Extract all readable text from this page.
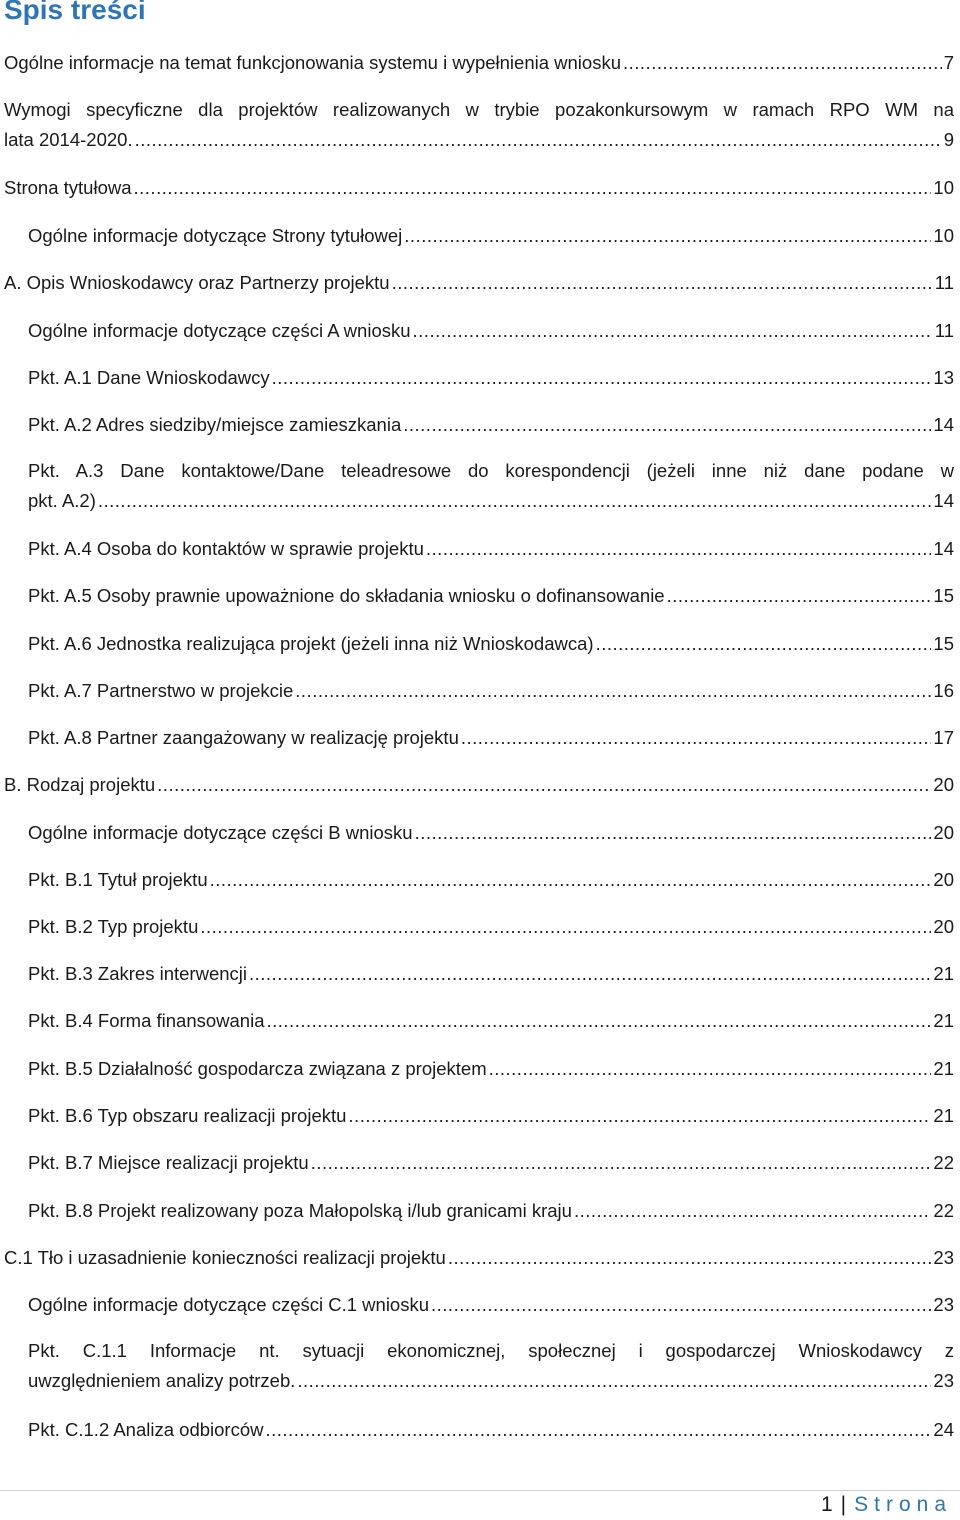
Spis treści
Ogólne informacje na temat funkcjonowania systemu i wypełnienia wniosku .....	7
Wymogi specyficzne dla projektów realizowanych w trybie pozakonkursowym w ramach RPO WM na
lata 2014-2020. .....	9
Strona tytułowa .....	10
Ogólne informacje dotyczące Strony tytułowej .....	10
A. Opis Wnioskodawcy oraz Partnerzy projektu .....	11
Ogólne informacje dotyczące części A wniosku .....	11
Pkt. A.1 Dane Wnioskodawcy .....	13
Pkt. A.2 Adres siedziby/miejsce zamieszkania .....	14
Pkt. A.3 Dane kontaktowe/Dane teleadresowe do korespondencji (jeżeli inne niż dane podane w
pkt. A.2) .....	14
Pkt. A.4 Osoba do kontaktów w sprawie projektu .....	14
Pkt. A.5 Osoby prawnie upoważnione do składania wniosku o dofinansowanie .....	15
Pkt. A.6 Jednostka realizująca projekt (jeżeli inna niż Wnioskodawca) .....	15
Pkt. A.7 Partnerstwo w projekcie .....	16
Pkt. A.8 Partner zaangażowany w realizację projektu .....	17
B. Rodzaj projektu .....	20
Ogólne informacje dotyczące części B wniosku .....	20
Pkt. B.1 Tytuł projektu .....	20
Pkt. B.2 Typ projektu .....	20
Pkt. B.3 Zakres interwencji .....	21
Pkt. B.4 Forma finansowania .....	21
Pkt. B.5 Działalność gospodarcza związana z projektem .....	21
Pkt. B.6 Typ obszaru realizacji projektu .....	21
Pkt. B.7 Miejsce realizacji projektu .....	22
Pkt. B.8 Projekt realizowany poza Małopolską i/lub granicami kraju .....	22
C.1 Tło i uzasadnienie konieczności realizacji projektu .....	23
Ogólne informacje dotyczące części C.1 wniosku .....	23
Pkt. C.1.1 Informacje nt. sytuacji ekonomicznej, społecznej i gospodarczej Wnioskodawcy z
uwzględnieniem analizy potrzeb. .....	23
Pkt. C.1.2 Analiza odbiorców .....	24
1 | Strona
